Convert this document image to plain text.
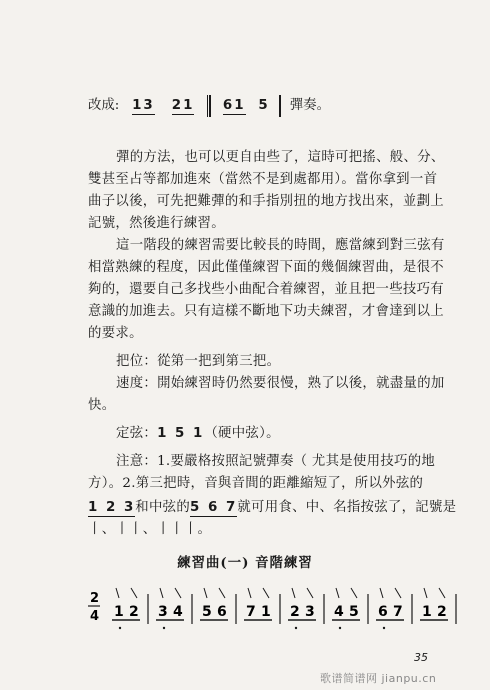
改成: 13 21 61 5 彈奏。
彈的方法，也可以更自由些了，這時可把搖、般、分、
雙甚至占等都加進來（當然不是到處都用）。當你拿到一首
曲子以後，可先把難彈的和手指別扭的地方找出來，並劃上
記號，然後進行練習。
這一階段的練習需要比較長的時間，應當練到對三弦有
相當熟練的程度，因此僅僅練習下面的幾個練習曲，是很不
夠的，還要自己多找些小曲配合着練習，並且把一些技巧有
意識的加進去。只有這樣不斷地下功夫練習，才會達到以上
的要求。
把位：從第一把到第三把。
速度：開始練習時仍然要很慢，熟了以後，就盡量的加
快。
定弦：1 5 1（硬中弦）。
注意：1.要嚴格按照記號彈奏（ 尤其是使用技巧的地
方）。2.第三把時，音與音間的距離縮短了，所以外弦的
1 2 3和中弦的5 6 7就可用食、中、名指按弦了，記號是
丨、丨丨、丨丨丨。
練習曲(一) 音階練習
2
4 1 2 3 4 5 6 7 1 2 3 4 5 6 7 1 2
35
歌谱简谱网 jianpu.cn
